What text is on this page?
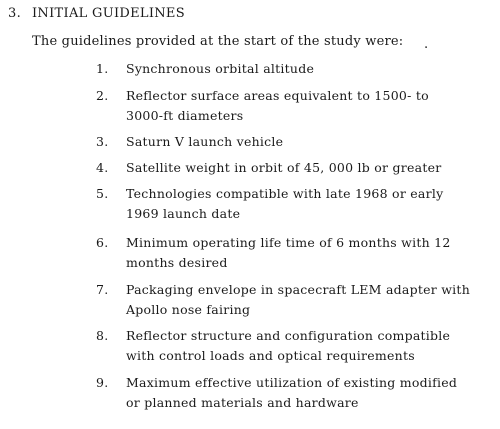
3. INITIAL GUIDELINES
The guidelines provided at the start of the study were: .
1.	Synchronous orbital altitude
2.	Reflector surface areas equivalent to 1500- to
3000-ft diameters
3.	Saturn V launch vehicle
4.	Satellite weight in orbit of 45, 000 lb or greater
5.	Technologies compatible with late 1968 or early
1969 launch date
6.	Minimum operating life time of 6 months with 12
months desired
7.	Packaging envelope in spacecraft LEM adapter with
Apollo nose fairing
8.	Reflector structure and configuration compatible
with control loads and optical requirements
9.	Maximum effective utilization of existing modified
or planned materials and hardware
